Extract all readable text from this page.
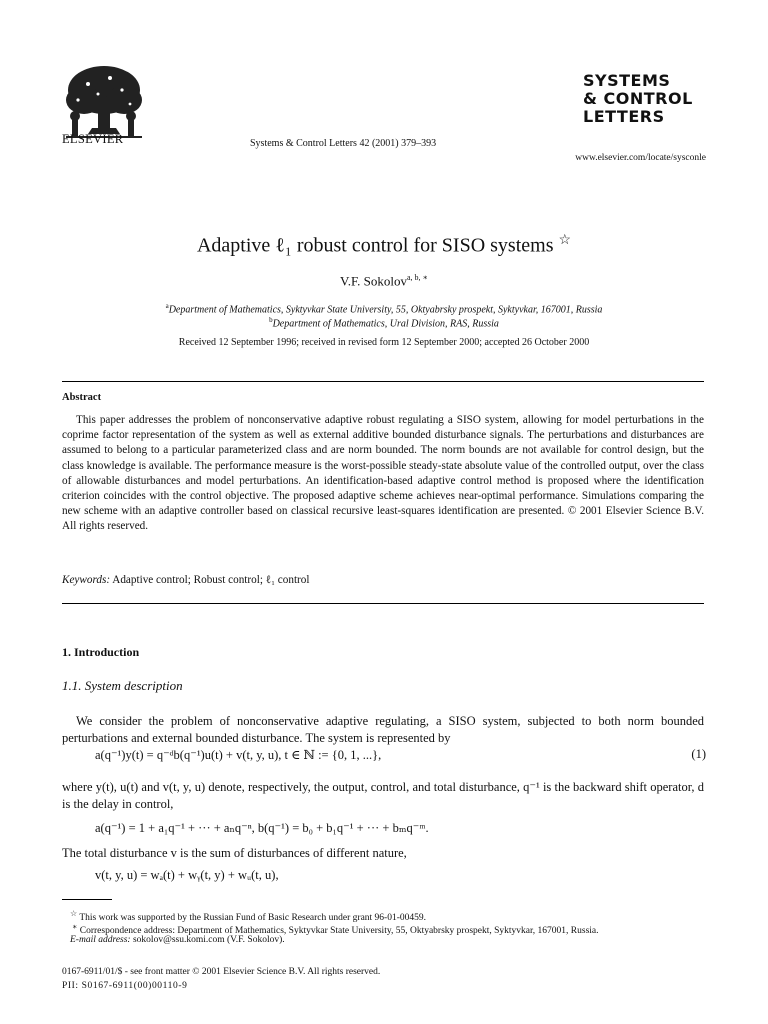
ELSEVIER	Systems & Control Letters 42 (2001) 379–393
SYSTEMS
& CONTROL
LETTERS
www.elsevier.com/locate/sysconle
Adaptive ℓ₁ robust control for SISO systems ☆
V.F. Sokolov$^{a, b, ∗}$
$^a$Department of Mathematics, Syktyvkar State University, 55, Oktyabrsky prospekt, Syktyvkar, 167001, Russia
$^b$Department of Mathematics, Ural Division, RAS, Russia
Received 12 September 1996; received in revised form 12 September 2000; accepted 26 October 2000
Abstract
This paper addresses the problem of nonconservative adaptive robust regulating a SISO system, allowing for model perturbations in the coprime factor representation of the system as well as external additive bounded disturbance signals. The perturbations and disturbances are assumed to belong to a particular parameterized class and are norm bounded. The norm bounds are not available for control design, but the class knowledge is available. The performance measure is the worst-possible steady-state absolute value of the controlled output, over the class of allowable disturbances and model perturbations. An identification-based adaptive control method is proposed where the identification criterion coincides with the control objective. The proposed adaptive scheme achieves near-optimal performance. Simulations comparing the new scheme with an adaptive controller based on classical recursive least-squares identification are presented. © 2001 Elsevier Science B.V. All rights reserved.
Keywords: Adaptive control; Robust control; ℓ₁ control
1. Introduction
1.1. System description
We consider the problem of nonconservative adaptive regulating, a SISO system, subjected to both norm bounded perturbations and external bounded disturbance. The system is represented by
a(q⁻¹)y(t) = q⁻ᵈb(q⁻¹)u(t) + v(t, y, u), t ∈ ℕ := {0, 1, ...},	(1)
where y(t), u(t) and v(t, y, u) denote, respectively, the output, control, and total disturbance, q⁻¹ is the backward shift operator, d is the delay in control,
a(q⁻¹) = 1 + a₁q⁻¹ + ··· + aₙq⁻ⁿ, b(q⁻¹) = b₀ + b₁q⁻¹ + ··· + bₘq⁻ᵐ.
The total disturbance v is the sum of disturbances of different nature,
v(t, y, u) = wₐ(t) + wᵧ(t, y) + wᵤ(t, u),
☆ This work was supported by the Russian Fund of Basic Research under grant 96-01-00459.
∗ Correspondence address: Department of Mathematics, Syktyvkar State University, 55, Oktyabrsky prospekt, Syktyvkar, 167001, Russia.
E-mail address: sokolov@ssu.komi.com (V.F. Sokolov).
0167-6911/01/$ - see front matter © 2001 Elsevier Science B.V. All rights reserved.
PII: S0167-6911(00)00110-9
